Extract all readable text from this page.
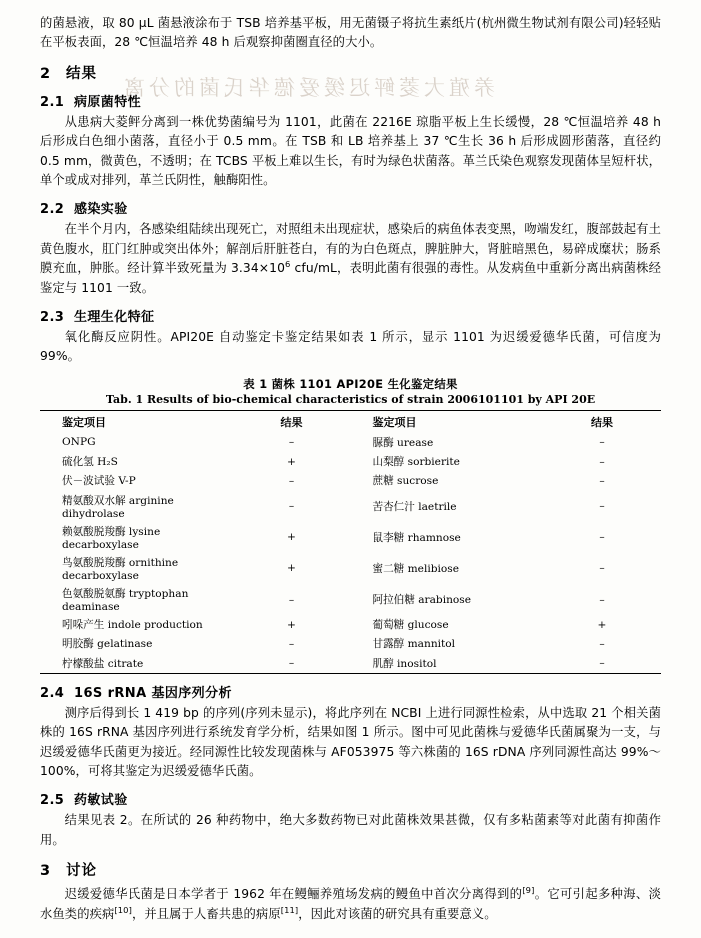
养殖大菱鲆迟缓爱德华氏菌的分离

的菌悬液，取 80 μL 菌悬液涂布于 TSB 培养基平板，用无菌镊子将抗生素纸片(杭州微生物试剂有限公司)轻轻贴在平板表面，28 ℃恒温培养 48 h 后观察抑菌圈直径的大小。

2 结果
2.1 病原菌特性

从患病大菱鲆分离到一株优势菌编号为 1101，此菌在 2216E 琼脂平板上生长缓慢，28 ℃恒温培养 48 h 后形成白色细小菌落，直径小于 0.5 mm。在 TSB 和 LB 培养基上 37 ℃生长 36 h 后形成圆形菌落，直径约 0.5 mm，微黄色，不透明；在 TCBS 平板上难以生长，有时为绿色状菌落。革兰氏染色观察发现菌体呈短杆状，单个或成对排列，革兰氏阴性，触酶阳性。

2.2 感染实验

在半个月内，各感染组陆续出现死亡，对照组未出现症状，感染后的病鱼体表变黑，吻端发红，腹部鼓起有土黄色腹水，肛门红肿或突出体外；解剖后肝脏苍白，有的为白色斑点，脾脏肿大，肾脏暗黑色，易碎成糜状；肠系膜充血，肿胀。经计算半致死量为 $3.34\times 10^6$ cfu/mL，表明此菌有很强的毒性。从发病鱼中重新分离出病菌株经鉴定与 1101 一致。

2.3 生理生化特征

氧化酶反应阴性。API20E 自动鉴定卡鉴定结果如表 1 所示，显示 1101 为迟缓爱德华氏菌，可信度为 99%。

表 1 菌株 1101 API20E 生化鉴定结果
Tab. 1 Results of bio-chemical characteristics of strain 2006101101 by API 20E
鉴定项目	结果	鉴定项目	结果
ONPG	–	脲酶 urease	–
硫化氢 H₂S	+	山梨醇 sorbierite	–
伏－波试验 V-P	–	蔗糖 sucrose	–
精氨酸双水解 arginine dihydrolase	–	苦杏仁汁 laetrile	–
赖氨酸脱羧酶 lysine decarboxylase	+	鼠李糖 rhamnose	–
鸟氨酸脱羧酶 ornithine decarboxylase	+	蜜二糖 melibiose	–
色氨酸脱氨酶 tryptophan deaminase	–	阿拉伯糖 arabinose	–
吲哚产生 indole production	+	葡萄糖 glucose	+
明胶酶 gelatinase	–	甘露醇 mannitol	–
柠檬酸盐 citrate	–	肌醇 inositol	–
2.4 16S rRNA 基因序列分析

测序后得到长 1 419 bp 的序列(序列未显示)，将此序列在 NCBI 上进行同源性检索，从中选取 21 个相关菌株的 16S rRNA 基因序列进行系统发育学分析，结果如图 1 所示。图中可见此菌株与爱德华氏菌属聚为一支，与迟缓爱德华氏菌更为接近。经同源性比较发现菌株与 AF053975 等六株菌的 16S rDNA 序列同源性高达 99%～100%，可将其鉴定为迟缓爱德华氏菌。

2.5 药敏试验

结果见表 2。在所试的 26 种药物中，绝大多数药物已对此菌株效果甚微，仅有多粘菌素等对此菌有抑菌作用。

3 讨论

迟缓爱德华氏菌是日本学者于 1962 年在鳗鲡养殖场发病的鳗鱼中首次分离得到的[9]。它可引起多种海、淡水鱼类的疾病[10]，并且属于人畜共患的病原[11]，因此对该菌的研究具有重要意义。
